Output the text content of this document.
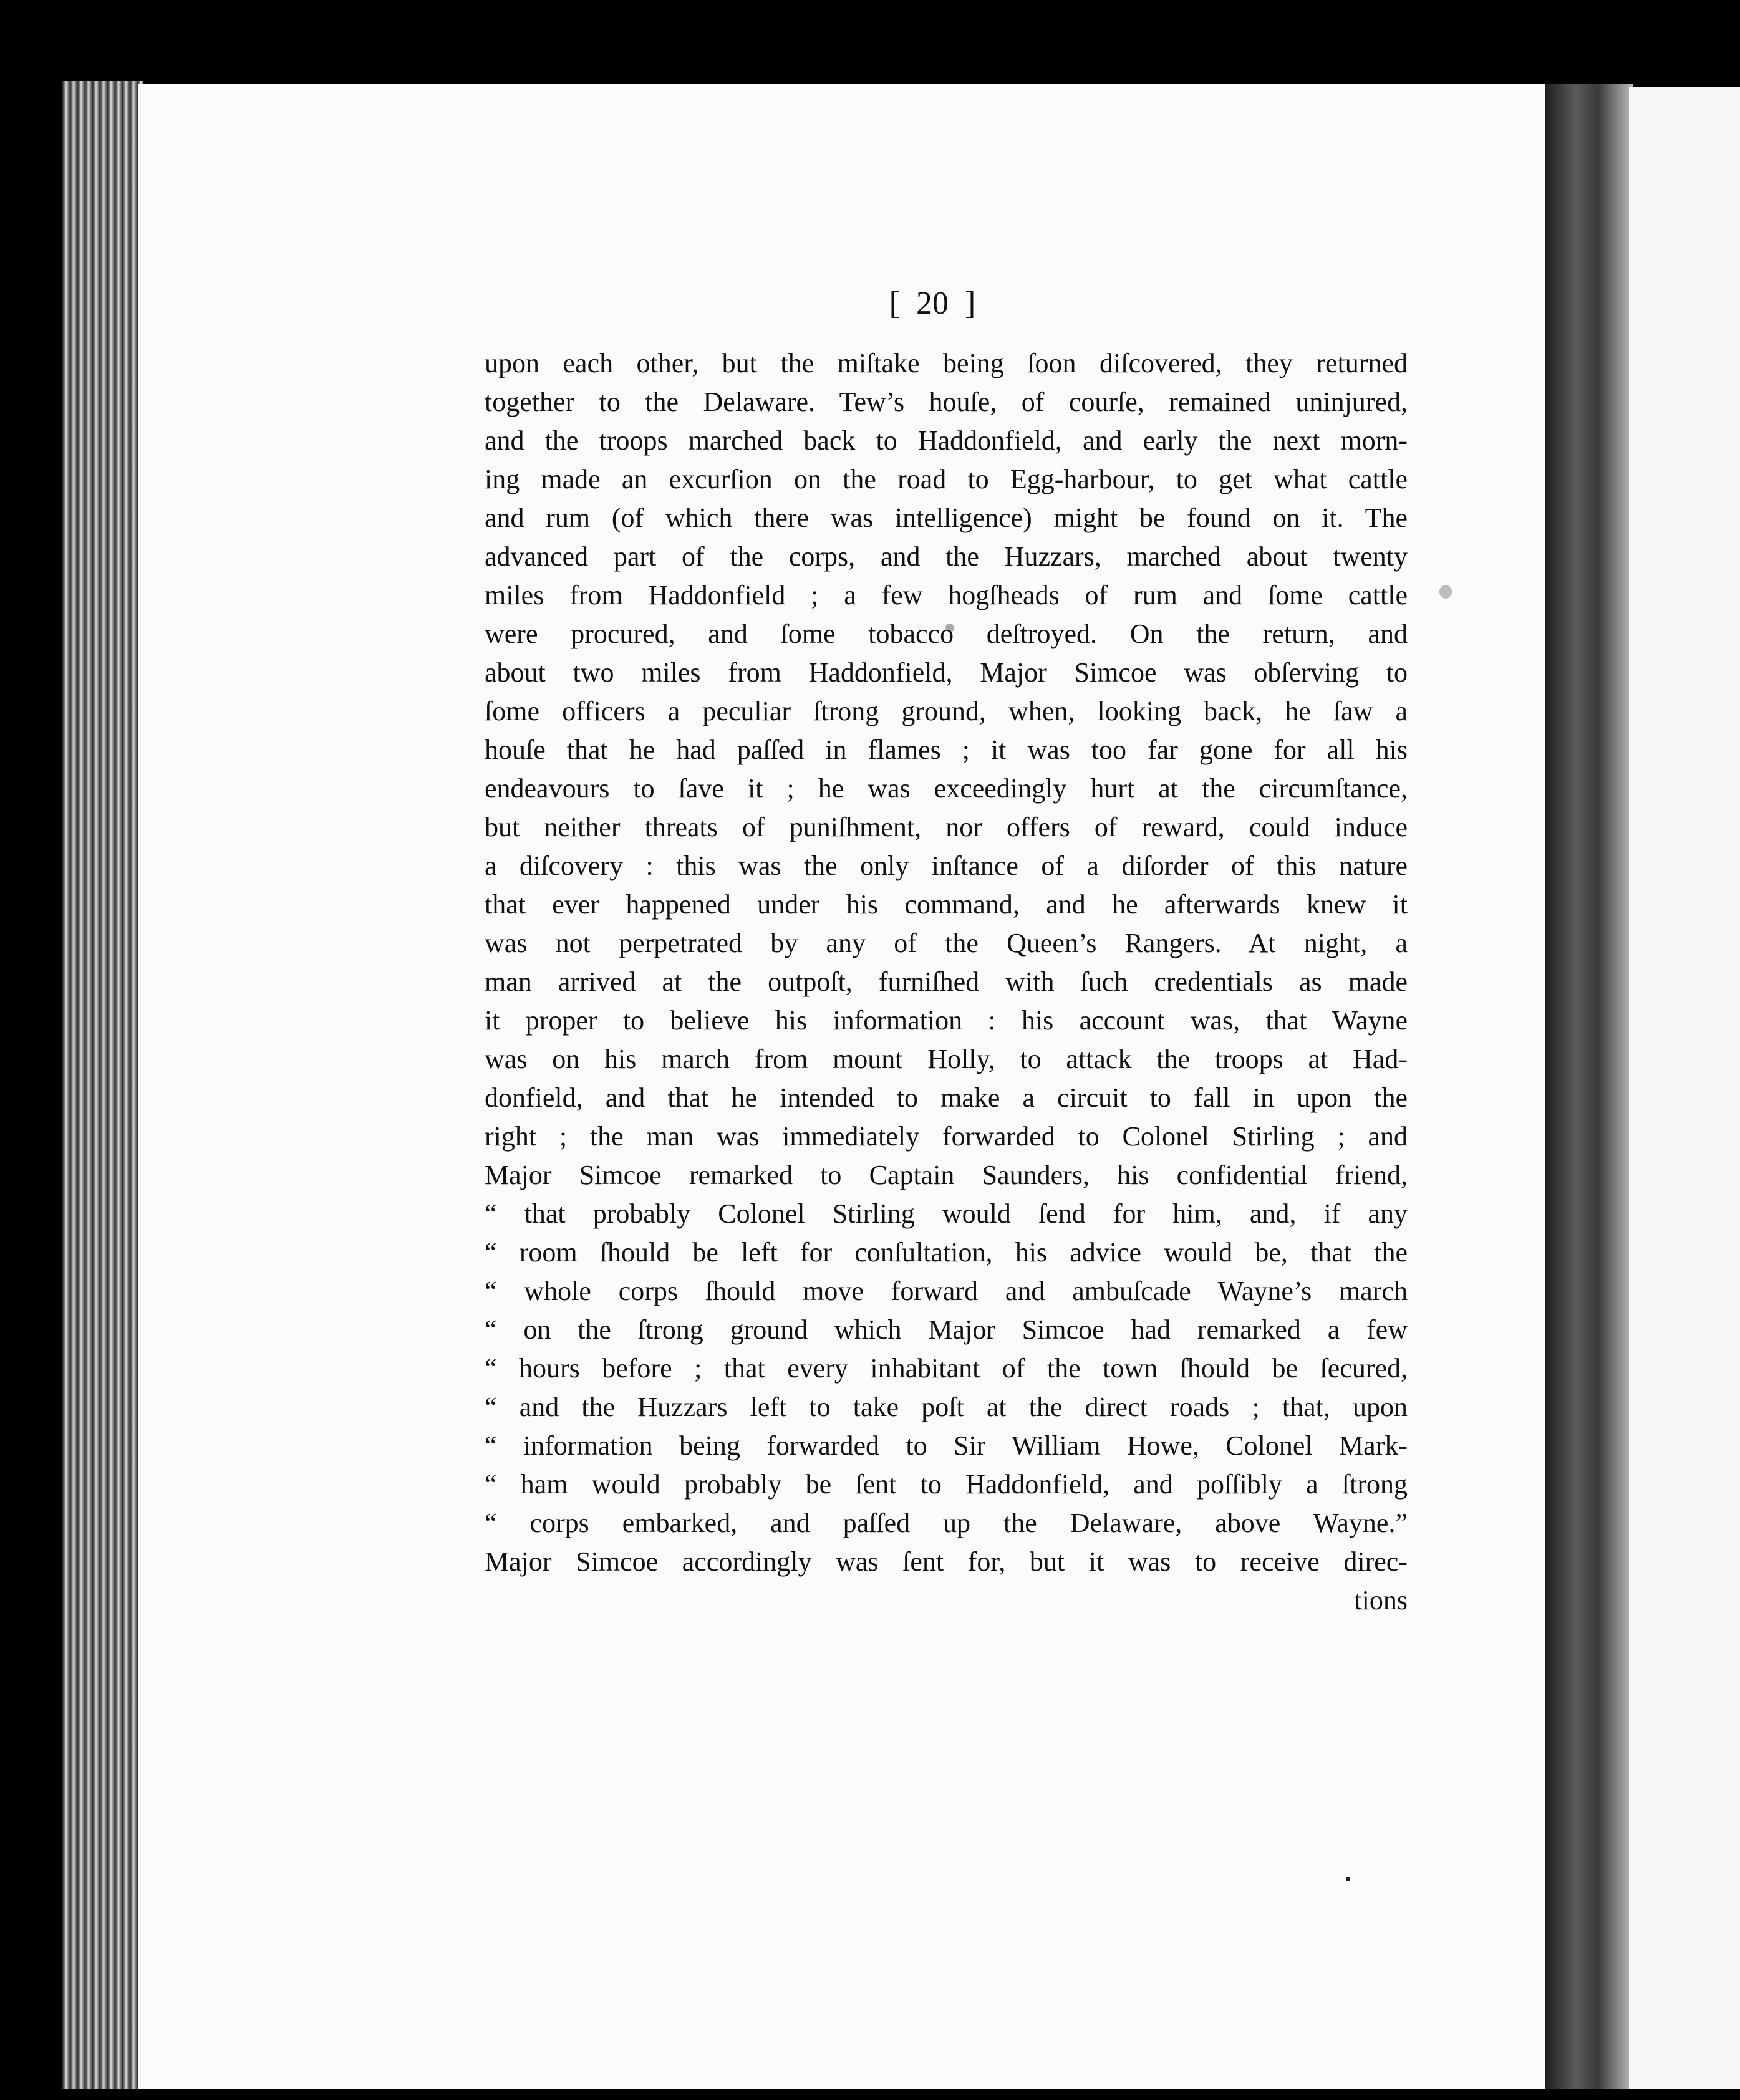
[  20  ]
upon each other, but the miſtake being ſoon diſcovered, they returned
together to the Delaware. Tew’s houſe, of courſe, remained uninjured,
and the troops marched back to Haddonfield, and early the next morn-
ing made an excurſion on the road to Egg-harbour, to get what cattle
and rum (of which there was intelligence) might be found on it. The
advanced part of the corps, and the Huzzars, marched about twenty
miles from Haddonfield ; a few hogſheads of rum and ſome cattle
were procured, and ſome tobacco deſtroyed. On the return, and
about two miles from Haddonfield, Major Simcoe was obſerving to
ſome officers a peculiar ſtrong ground, when, looking back, he ſaw a
houſe that he had paſſed in flames ; it was too far gone for all his
endeavours to ſave it ; he was exceedingly hurt at the circumſtance,
but neither threats of puniſhment, nor offers of reward, could induce
a diſcovery : this was the only inſtance of a diſorder of this nature
that ever happened under his command, and he afterwards knew it
was not perpetrated by any of the Queen’s Rangers. At night, a
man arrived at the outpoſt, furniſhed with ſuch credentials as made
it proper to believe his information : his account was, that Wayne
was on his march from mount Holly, to attack the troops at Had-
donfield, and that he intended to make a circuit to fall in upon the
right ; the man was immediately forwarded to Colonel Stirling ; and
Major Simcoe remarked to Captain Saunders, his confidential friend,
“ that probably Colonel Stirling would ſend for him, and, if any
“ room ſhould be left for conſultation, his advice would be, that the
“ whole corps ſhould move forward and ambuſcade Wayne’s march
“ on the ſtrong ground which Major Simcoe had remarked a few
“ hours before ; that every inhabitant of the town ſhould be ſecured,
“ and the Huzzars left to take poſt at the direct roads ; that, upon
“ information being forwarded to Sir William Howe, Colonel Mark-
“ ham would probably be ſent to Haddonfield, and poſſibly a ſtrong
“ corps embarked, and paſſed up the Delaware, above Wayne.”
Major Simcoe accordingly was ſent for, but it was to receive direc-
tions
